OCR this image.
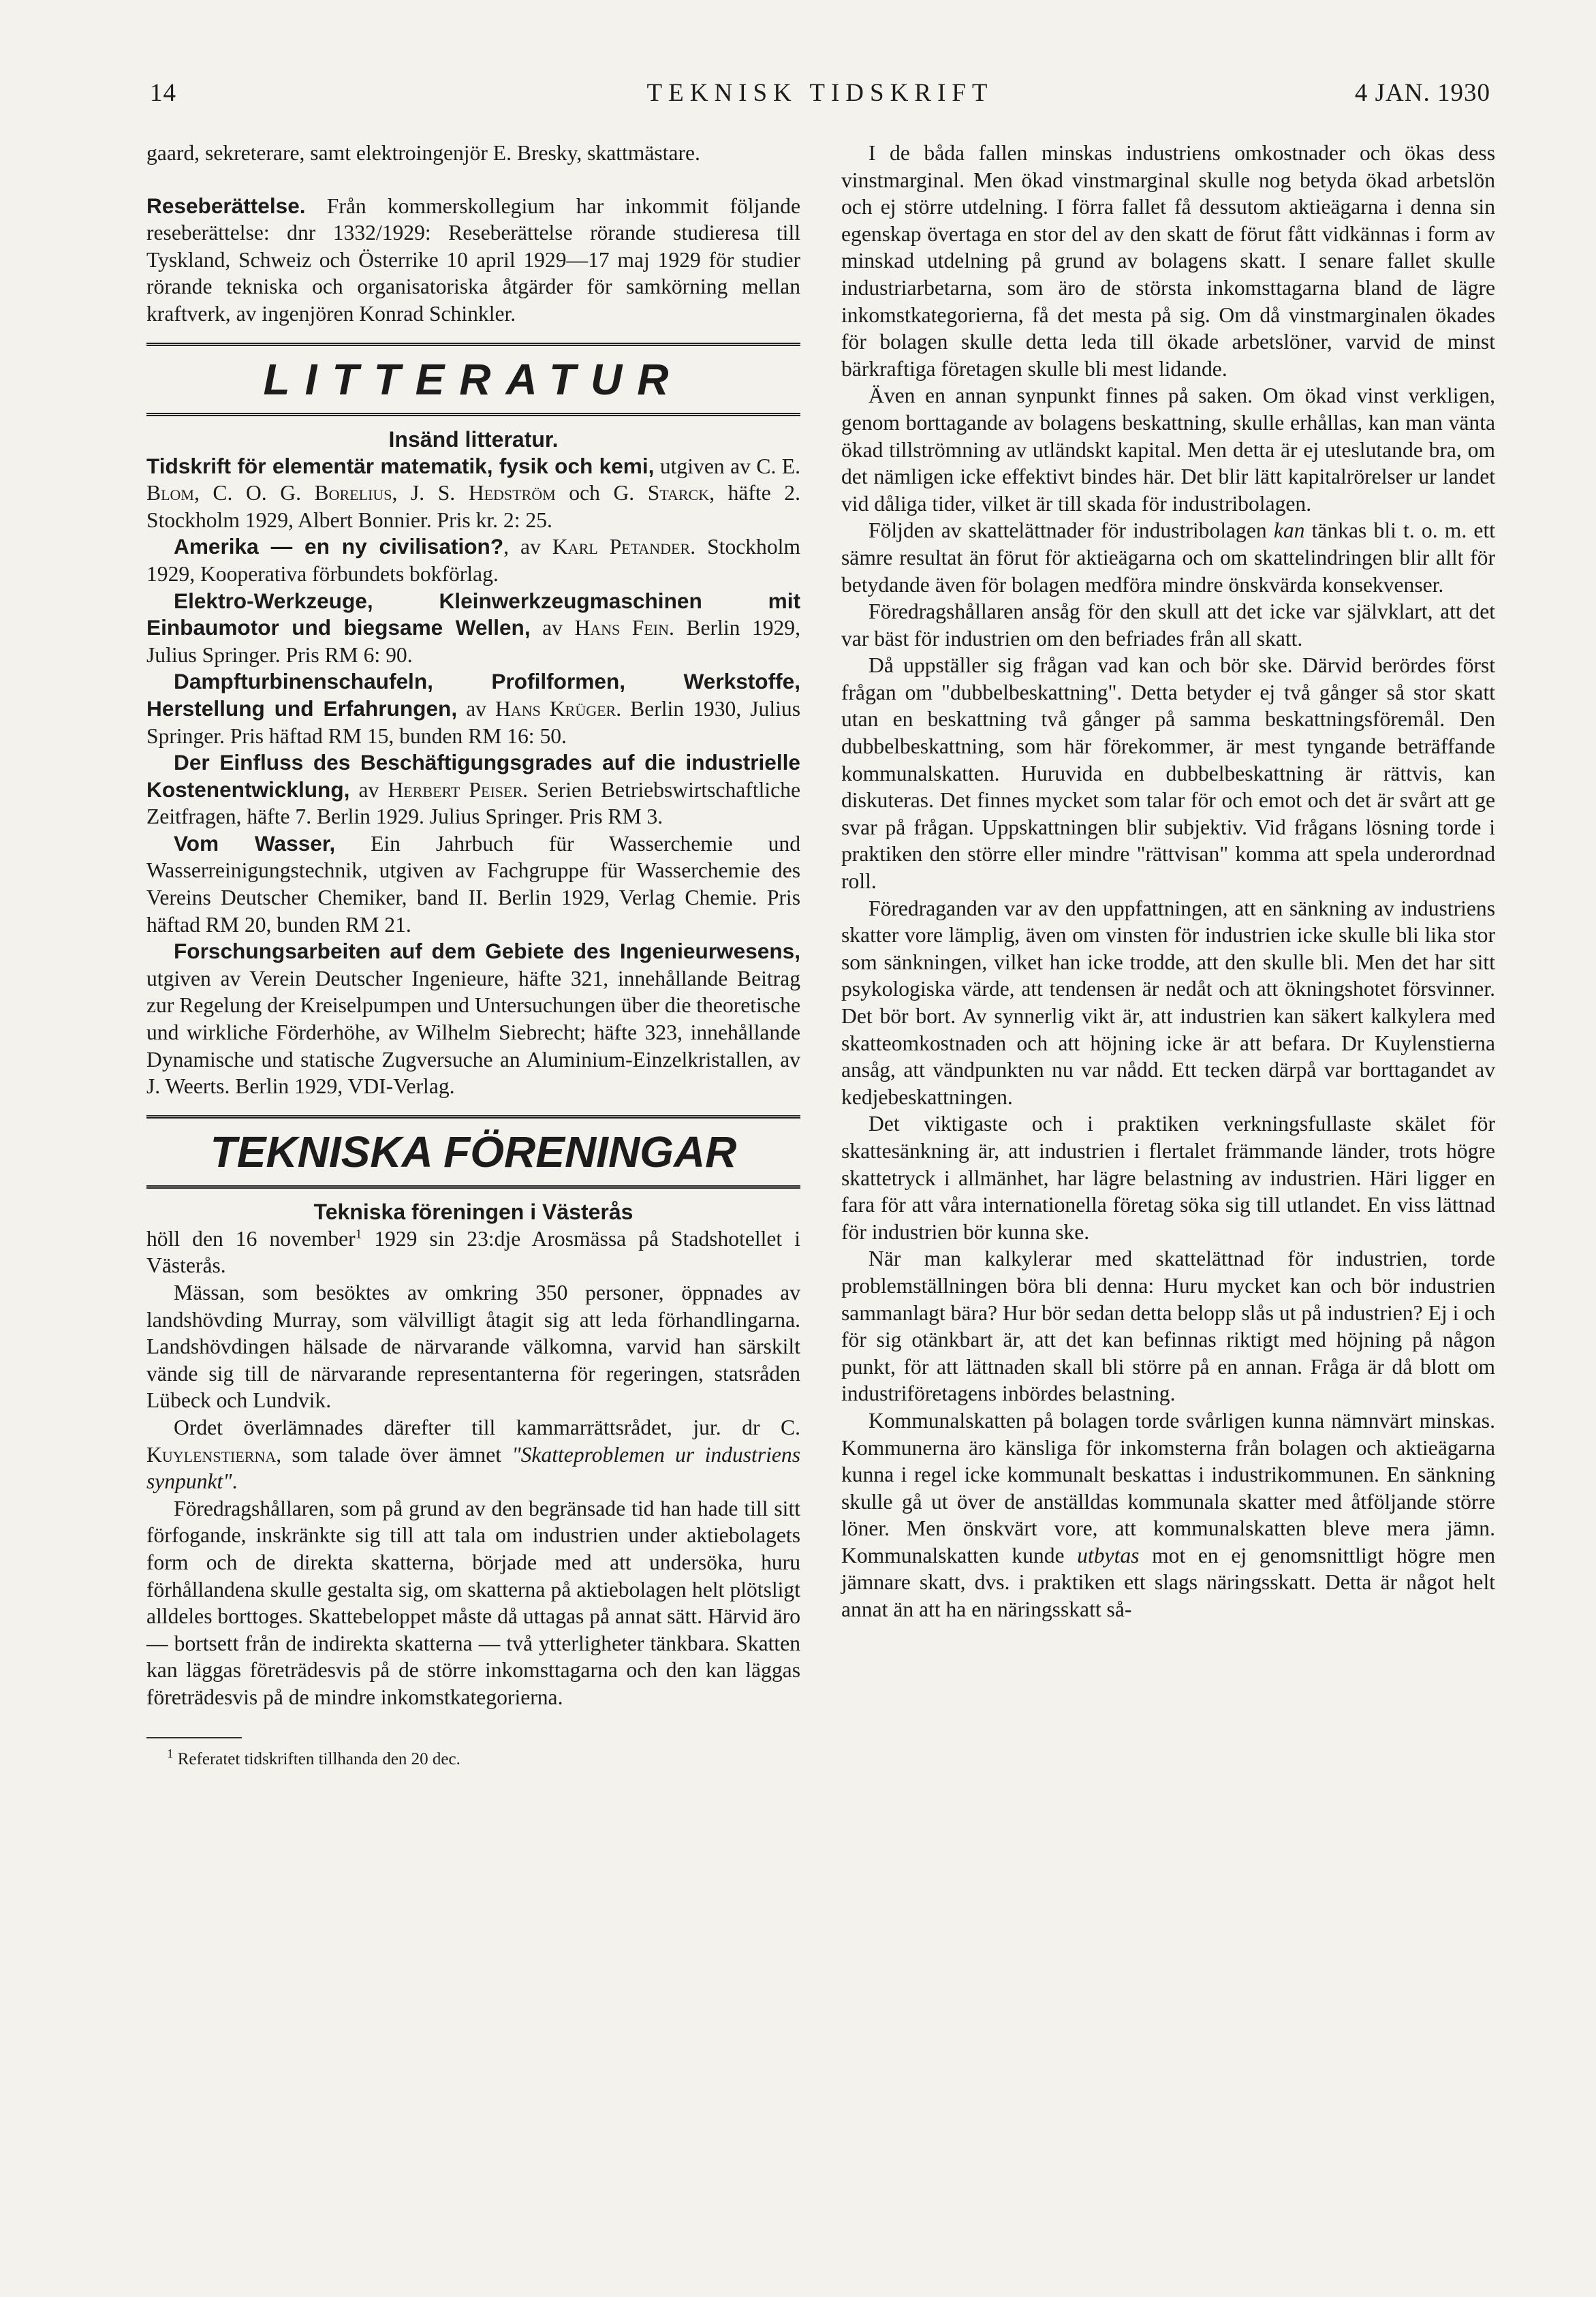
14	TEKNISK TIDSKRIFT	4 JAN. 1930

gaard, sekreterare, samt elektroingenjör E. Bresky, skattmästare.

Reseberättelse. Från kommerskollegium har inkommit följande reseberättelse: dnr 1332/1929: Reseberättelse rörande studieresa till Tyskland, Schweiz och Österrike 10 april 1929—17 maj 1929 för studier rörande tekniska och organisatoriska åtgärder för samkörning mellan kraftverk, av ingenjören Konrad Schinkler.

LITTERATUR
Insänd litteratur.

Tidskrift för elementär matematik, fysik och kemi, utgiven av C. E. Blom, C. O. G. Borelius, J. S. Hedström och G. Starck, häfte 2. Stockholm 1929, Albert Bonnier. Pris kr. 2: 25.

Amerika — en ny civilisation?, av Karl Petander. Stockholm 1929, Kooperativa förbundets bokförlag.

Elektro-Werkzeuge, Kleinwerkzeugmaschinen mit Einbaumotor und biegsame Wellen, av Hans Fein. Berlin 1929, Julius Springer. Pris RM 6: 90.

Dampfturbinenschaufeln, Profilformen, Werkstoffe, Herstellung und Erfahrungen, av Hans Krüger. Berlin 1930, Julius Springer. Pris häftad RM 15, bunden RM 16: 50.

Der Einfluss des Beschäftigungsgrades auf die industrielle Kostenentwicklung, av Herbert Peiser. Serien Betriebswirtschaftliche Zeitfragen, häfte 7. Berlin 1929. Julius Springer. Pris RM 3.

Vom Wasser, Ein Jahrbuch für Wasserchemie und Wasserreinigungstechnik, utgiven av Fachgruppe für Wasserchemie des Vereins Deutscher Chemiker, band II. Berlin 1929, Verlag Chemie. Pris häftad RM 20, bunden RM 21.

Forschungsarbeiten auf dem Gebiete des Ingenieurwesens, utgiven av Verein Deutscher Ingenieure, häfte 321, innehållande Beitrag zur Regelung der Kreiselpumpen und Untersuchungen über die theoretische und wirkliche Förderhöhe, av Wilhelm Siebrecht; häfte 323, innehållande Dynamische und statische Zugversuche an Aluminium-Einzelkristallen, av J. Weerts. Berlin 1929, VDI-Verlag.

TEKNISKA FÖRENINGAR
Tekniska föreningen i Västerås

höll den 16 november$^1$ 1929 sin 23:dje Arosmässa på Stadshotellet i Västerås.

Mässan, som besöktes av omkring 350 personer, öppnades av landshövding Murray, som välvilligt åtagit sig att leda förhandlingarna. Landshövdingen hälsade de närvarande välkomna, varvid han särskilt vände sig till de närvarande representanterna för regeringen, statsråden Lübeck och Lundvik.

Ordet överlämnades därefter till kammarrättsrådet, jur. dr C. Kuylenstierna, som talade över ämnet "Skatteproblemen ur industriens synpunkt".

Föredragshållaren, som på grund av den begränsade tid han hade till sitt förfogande, inskränkte sig till att tala om industrien under aktiebolagets form och de direkta skatterna, började med att undersöka, huru förhållandena skulle gestalta sig, om skatterna på aktiebolagen helt plötsligt alldeles borttoges. Skattebeloppet måste då uttagas på annat sätt. Härvid äro — bortsett från de indirekta skatterna — två ytterligheter tänkbara. Skatten kan läggas företrädesvis på de större inkomsttagarna och den kan läggas företrädesvis på de mindre inkomstkategorierna.

$^1$ Referatet tidskriften tillhanda den 20 dec.

I de båda fallen minskas industriens omkostnader och ökas dess vinstmarginal. Men ökad vinstmarginal skulle nog betyda ökad arbetslön och ej större utdelning. I förra fallet få dessutom aktieägarna i denna sin egenskap övertaga en stor del av den skatt de förut fått vidkännas i form av minskad utdelning på grund av bolagens skatt. I senare fallet skulle industriarbetarna, som äro de största inkomsttagarna bland de lägre inkomstkategorierna, få det mesta på sig. Om då vinstmarginalen ökades för bolagen skulle detta leda till ökade arbetslöner, varvid de minst bärkraftiga företagen skulle bli mest lidande.

Även en annan synpunkt finnes på saken. Om ökad vinst verkligen, genom borttagande av bolagens beskattning, skulle erhållas, kan man vänta ökad tillströmning av utländskt kapital. Men detta är ej uteslutande bra, om det nämligen icke effektivt bindes här. Det blir lätt kapitalrörelser ur landet vid dåliga tider, vilket är till skada för industribolagen.

Följden av skattelättnader för industribolagen kan tänkas bli t. o. m. ett sämre resultat än förut för aktieägarna och om skattelindringen blir allt för betydande även för bolagen medföra mindre önskvärda konsekvenser.

Föredragshållaren ansåg för den skull att det icke var självklart, att det var bäst för industrien om den befriades från all skatt.

Då uppställer sig frågan vad kan och bör ske. Därvid berördes först frågan om "dubbelbeskattning". Detta betyder ej två gånger så stor skatt utan en beskattning två gånger på samma beskattningsföremål. Den dubbelbeskattning, som här förekommer, är mest tyngande beträffande kommunalskatten. Huruvida en dubbelbeskattning är rättvis, kan diskuteras. Det finnes mycket som talar för och emot och det är svårt att ge svar på frågan. Uppskattningen blir subjektiv. Vid frågans lösning torde i praktiken den större eller mindre "rättvisan" komma att spela underordnad roll.

Föredraganden var av den uppfattningen, att en sänkning av industriens skatter vore lämplig, även om vinsten för industrien icke skulle bli lika stor som sänkningen, vilket han icke trodde, att den skulle bli. Men det har sitt psykologiska värde, att tendensen är nedåt och att ökningshotet försvinner. Det bör bort. Av synnerlig vikt är, att industrien kan säkert kalkylera med skatteomkostnaden och att höjning icke är att befara. Dr Kuylenstierna ansåg, att vändpunkten nu var nådd. Ett tecken därpå var borttagandet av kedjebeskattningen.

Det viktigaste och i praktiken verkningsfullaste skälet för skattesänkning är, att industrien i flertalet främmande länder, trots högre skattetryck i allmänhet, har lägre belastning av industrien. Häri ligger en fara för att våra internationella företag söka sig till utlandet. En viss lättnad för industrien bör kunna ske.

När man kalkylerar med skattelättnad för industrien, torde problemställningen böra bli denna: Huru mycket kan och bör industrien sammanlagt bära? Hur bör sedan detta belopp slås ut på industrien? Ej i och för sig otänkbart är, att det kan befinnas riktigt med höjning på någon punkt, för att lättnaden skall bli större på en annan. Fråga är då blott om industriföretagens inbördes belastning.

Kommunalskatten på bolagen torde svårligen kunna nämnvärt minskas. Kommunerna äro känsliga för inkomsterna från bolagen och aktieägarna kunna i regel icke kommunalt beskattas i industrikommunen. En sänkning skulle gå ut över de anställdas kommunala skatter med åtföljande större löner. Men önskvärt vore, att kommunalskatten bleve mera jämn. Kommunalskatten kunde utbytas mot en ej genomsnittligt högre men jämnare skatt, dvs. i praktiken ett slags näringsskatt. Detta är något helt annat än att ha en näringsskatt så-
